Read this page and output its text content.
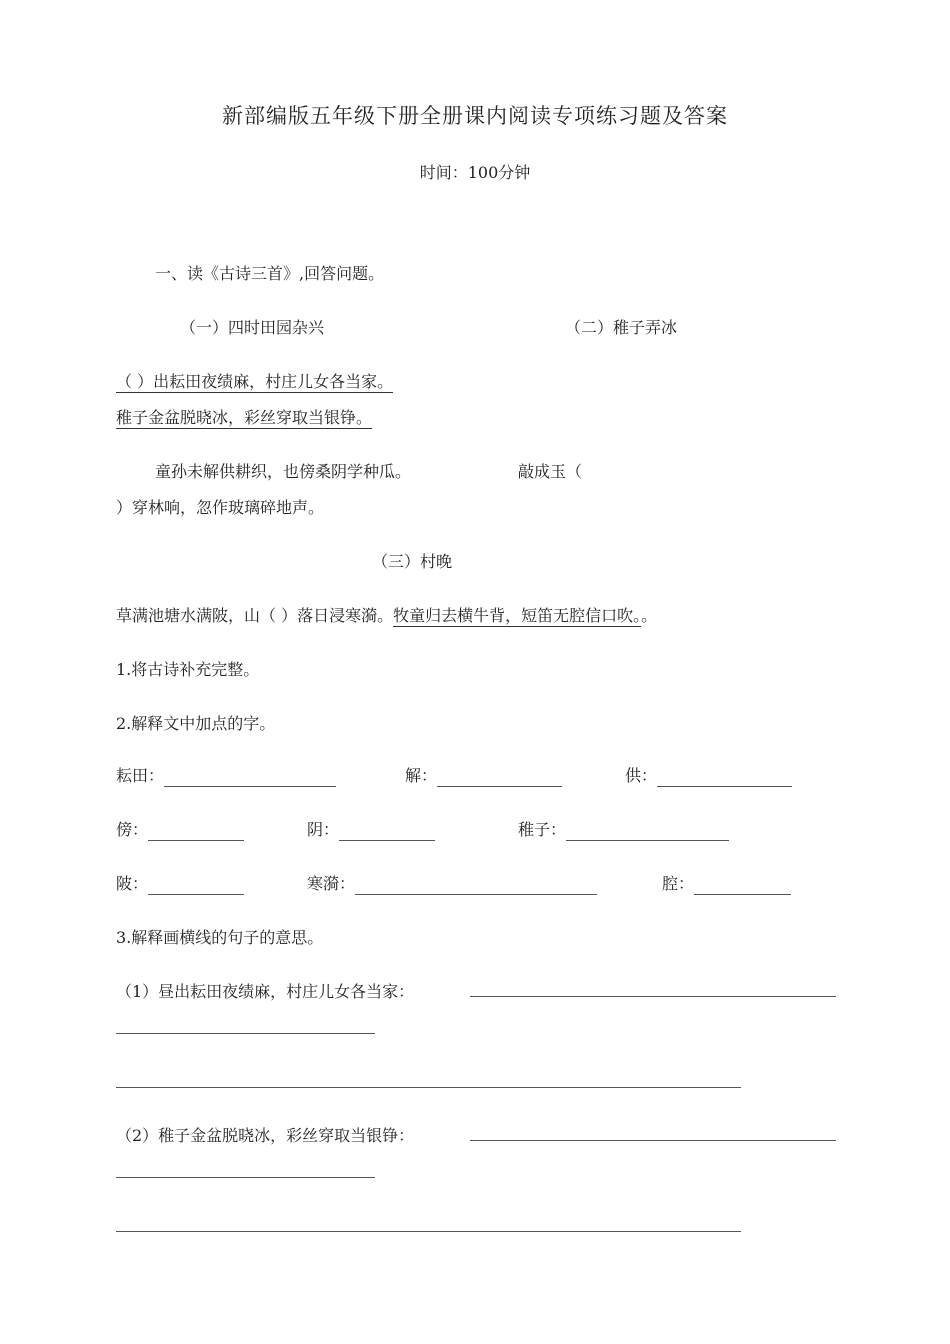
新部编版五年级下册全册课内阅读专项练习题及答案
时间：100分钟
一、读《古诗三首》,回答问题。
（一）四时田园杂兴	（二）稚子弄冰
（ ）出耘田夜绩麻，村庄儿女各当家。
稚子金盆脱晓冰，彩丝穿取当银铮。
童孙未解供耕织，也傍桑阴学种瓜。	敲成玉（
）穿林响，忽作玻璃碎地声。
（三）村晚
草满池塘水满陂，山（ ）落日浸寒漪。牧童归去横牛背，短笛无腔信口吹。。
1.将古诗补充完整。
2.解释文中加点的字。
耘田：	解：	供：
傍：	阴：	稚子：
陂：	寒漪：	腔：
3.解释画横线的句子的意思。
（1）昼出耘田夜绩麻，村庄儿女各当家：
（2）稚子金盆脱晓冰，彩丝穿取当银铮：
